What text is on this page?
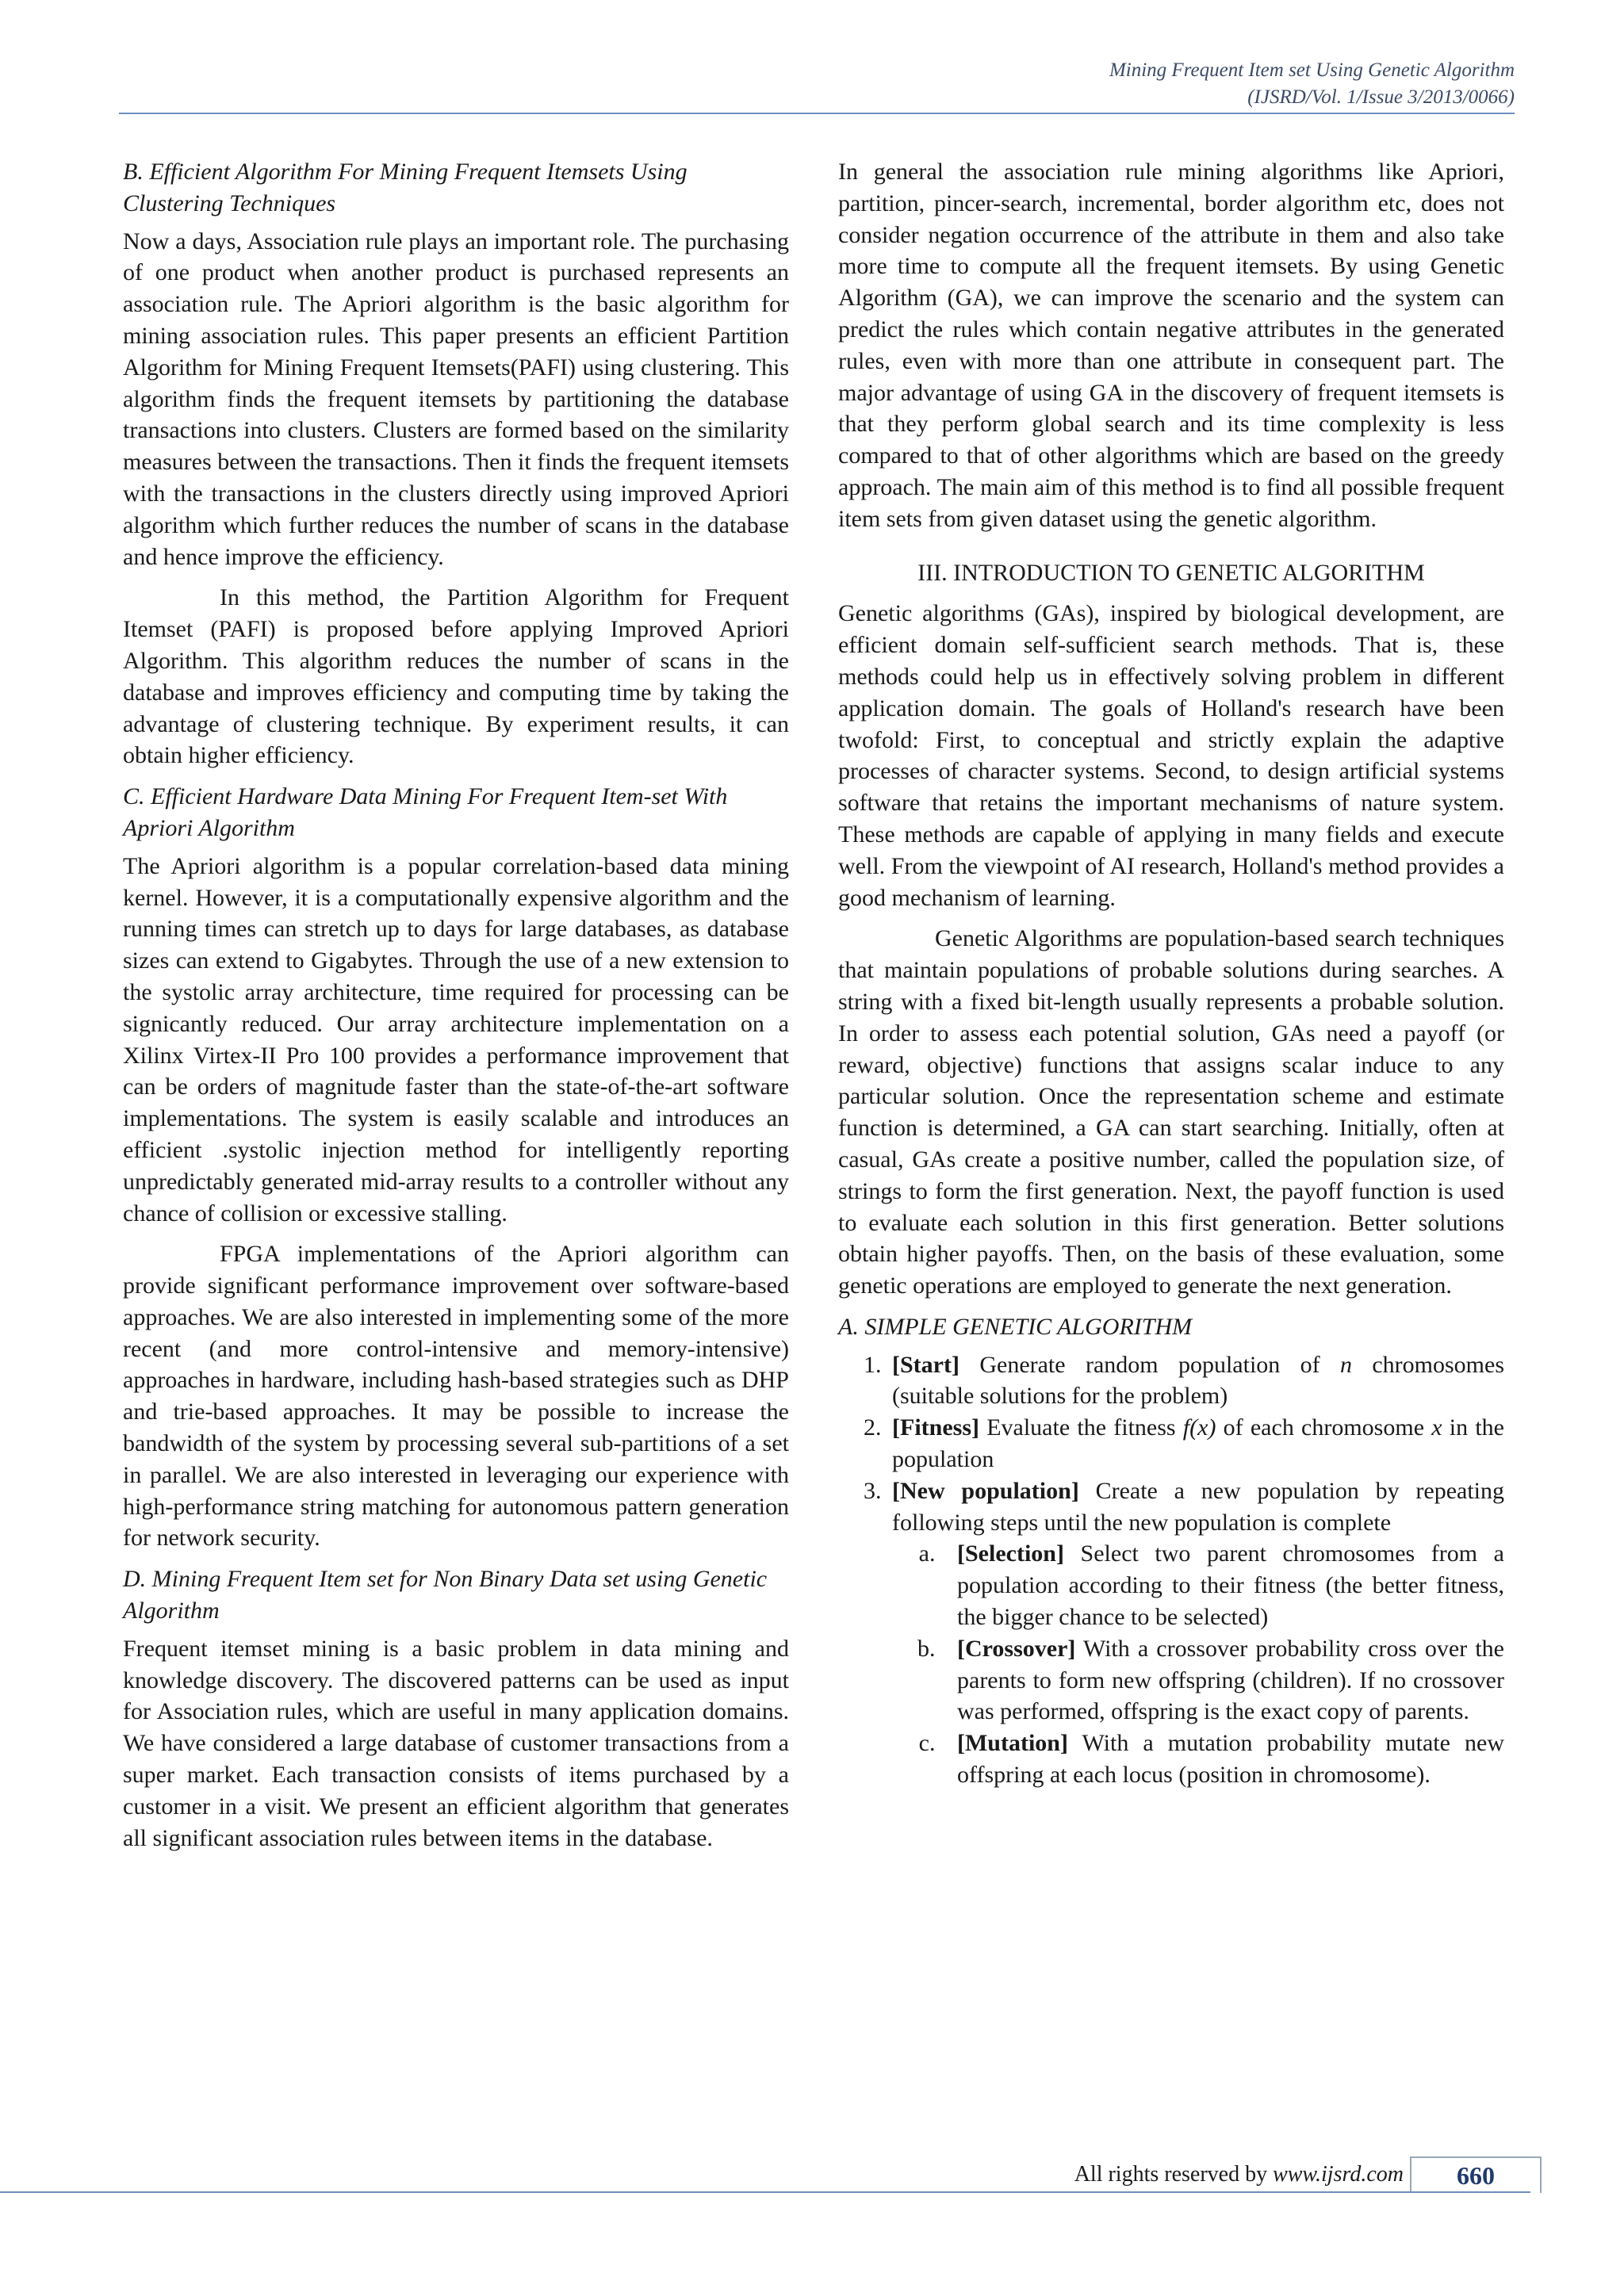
Mining Frequent Item set Using Genetic Algorithm
(IJSRD/Vol. 1/Issue 3/2013/0066)
B. Efficient Algorithm For Mining Frequent Itemsets Using Clustering Techniques

Now a days, Association rule plays an important role. The purchasing of one product when another product is purchased represents an association rule. The Apriori algorithm is the basic algorithm for mining association rules. This paper presents an efficient Partition Algorithm for Mining Frequent Itemsets(PAFI) using clustering. This algorithm finds the frequent itemsets by partitioning the database transactions into clusters. Clusters are formed based on the similarity measures between the transactions. Then it finds the frequent itemsets with the transactions in the clusters directly using improved Apriori algorithm which further reduces the number of scans in the database and hence improve the efficiency.

In this method, the Partition Algorithm for Frequent Itemset (PAFI) is proposed before applying Improved Apriori Algorithm. This algorithm reduces the number of scans in the database and improves efficiency and computing time by taking the advantage of clustering technique. By experiment results, it can obtain higher efficiency.

C. Efficient Hardware Data Mining For Frequent Item-set With Apriori Algorithm

The Apriori algorithm is a popular correlation-based data mining kernel. However, it is a computationally expensive algorithm and the running times can stretch up to days for large databases, as database sizes can extend to Gigabytes. Through the use of a new extension to the systolic array architecture, time required for processing can be signicantly reduced. Our array architecture implementation on a Xilinx Virtex-II Pro 100 provides a performance improvement that can be orders of magnitude faster than the state-of-the-art software implementations. The system is easily scalable and introduces an efficient .systolic injection method for intelligently reporting unpredictably generated mid-array results to a controller without any chance of collision or excessive stalling.

FPGA implementations of the Apriori algorithm can provide significant performance improvement over software-based approaches. We are also interested in implementing some of the more recent (and more control-intensive and memory-intensive) approaches in hardware, including hash-based strategies such as DHP and trie-based approaches. It may be possible to increase the bandwidth of the system by processing several sub-partitions of a set in parallel. We are also interested in leveraging our experience with high-performance string matching for autonomous pattern generation for network security.

D. Mining Frequent Item set for Non Binary Data set using Genetic Algorithm

Frequent itemset mining is a basic problem in data mining and knowledge discovery. The discovered patterns can be used as input for Association rules, which are useful in many application domains. We have considered a large database of customer transactions from a super market. Each transaction consists of items purchased by a customer in a visit. We present an efficient algorithm that generates all significant association rules between items in the database.

In general the association rule mining algorithms like Apriori, partition, pincer-search, incremental, border algorithm etc, does not consider negation occurrence of the attribute in them and also take more time to compute all the frequent itemsets. By using Genetic Algorithm (GA), we can improve the scenario and the system can predict the rules which contain negative attributes in the generated rules, even with more than one attribute in consequent part. The major advantage of using GA in the discovery of frequent itemsets is that they perform global search and its time complexity is less compared to that of other algorithms which are based on the greedy approach. The main aim of this method is to find all possible frequent item sets from given dataset using the genetic algorithm.

III. INTRODUCTION TO GENETIC ALGORITHM

Genetic algorithms (GAs), inspired by biological development, are efficient domain self-sufficient search methods. That is, these methods could help us in effectively solving problem in different application domain. The goals of Holland's research have been twofold: First, to conceptual and strictly explain the adaptive processes of character systems. Second, to design artificial systems software that retains the important mechanisms of nature system. These methods are capable of applying in many fields and execute well. From the viewpoint of AI research, Holland's method provides a good mechanism of learning.

Genetic Algorithms are population-based search techniques that maintain populations of probable solutions during searches. A string with a fixed bit-length usually represents a probable solution. In order to assess each potential solution, GAs need a payoff (or reward, objective) functions that assigns scalar induce to any particular solution. Once the representation scheme and estimate function is determined, a GA can start searching. Initially, often at casual, GAs create a positive number, called the population size, of strings to form the first generation. Next, the payoff function is used to evaluate each solution in this first generation. Better solutions obtain higher payoffs. Then, on the basis of these evaluation, some genetic operations are employed to generate the next generation.

A. SIMPLE GENETIC ALGORITHM
1. [Start] Generate random population of n chromosomes (suitable solutions for the problem)
2. [Fitness] Evaluate the fitness f(x) of each chromosome x in the population
3. [New population] Create a new population by repeating following steps until the new population is complete
a. [Selection] Select two parent chromosomes from a population according to their fitness (the better fitness, the bigger chance to be selected)
b. [Crossover] With a crossover probability cross over the parents to form new offspring (children). If no crossover was performed, offspring is the exact copy of parents.
c. [Mutation] With a mutation probability mutate new offspring at each locus (position in chromosome).
All rights reserved by www.ijsrd.com	660
